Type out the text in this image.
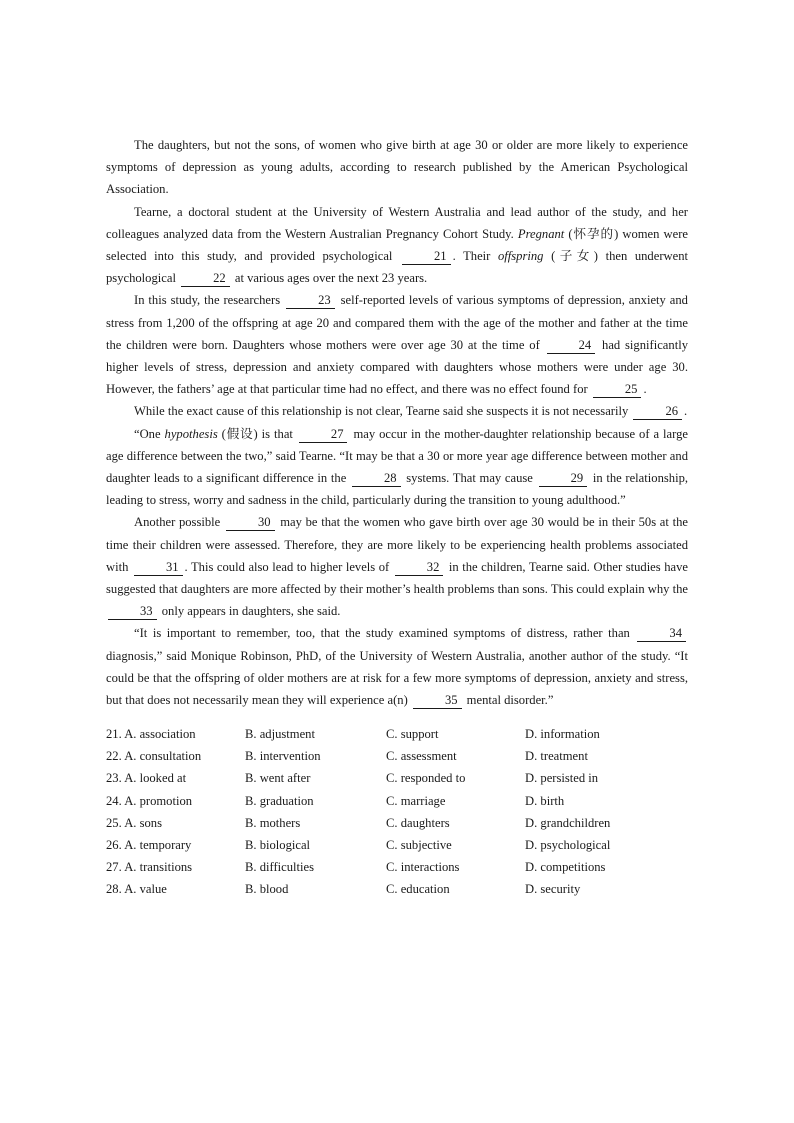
The daughters, but not the sons, of women who give birth at age 30 or older are more likely to experience symptoms of depression as young adults, according to research published by the American Psychological Association.

Tearne, a doctoral student at the University of Western Australia and lead author of the study, and her colleagues analyzed data from the Western Australian Pregnancy Cohort Study. Pregnant (怀孕的) women were selected into this study, and provided psychological	21 . Their offspring (子女) then underwent psychological	22 at various ages over the next 23 years.

In this study, the researchers	23 self-reported levels of various symptoms of depression, anxiety and stress from 1,200 of the offspring at age 20 and compared them with the age of the mother and father at the time the children were born. Daughters whose mothers were over age 30 at the time of	24 had significantly higher levels of stress, depression and anxiety compared with daughters whose mothers were under age 30. However, the fathers’ age at that particular time had no effect, and there was no effect found for	25 .

While the exact cause of this relationship is not clear, Tearne said she suspects it is not necessarily	26 .

“One hypothesis (假设) is that	27 may occur in the mother-daughter relationship because of a large age difference between the two,” said Tearne. “It may be that a 30 or more year age difference between mother and daughter leads to a significant difference in the	28 systems. That may cause	29 in the relationship, leading to stress, worry and sadness in the child, particularly during the transition to young adulthood.”

Another possible	30 may be that the women who gave birth over age 30 would be in their 50s at the time their children were assessed. Therefore, they are more likely to be experiencing health problems associated with	31 . This could also lead to higher levels of	32 in the children, Tearne said. Other studies have suggested that daughters are more affected by their mother’s health problems than sons. This could explain why the 33 only appears in daughters, she said.

“It is important to remember, too, that the study examined symptoms of distress, rather than	34 diagnosis,” said Monique Robinson, PhD, of the University of Western Australia, another author of the study. “It could be that the offspring of older mothers are at risk for a few more symptoms of depression, anxiety and stress, but that does not necessarily mean they will experience a(n)	35 mental disorder.”

21. A. association	B. adjustment	C. support	D. information
22. A. consultation	B. intervention	C. assessment	D. treatment
23. A. looked at	B. went after	C. responded to	D. persisted in
24. A. promotion	B. graduation	C. marriage	D. birth
25. A. sons	B. mothers	C. daughters	D. grandchildren
26. A. temporary	B. biological	C. subjective	D. psychological
27. A. transitions	B. difficulties	C. interactions	D. competitions
28. A. value	B. blood	C. education	D. security
